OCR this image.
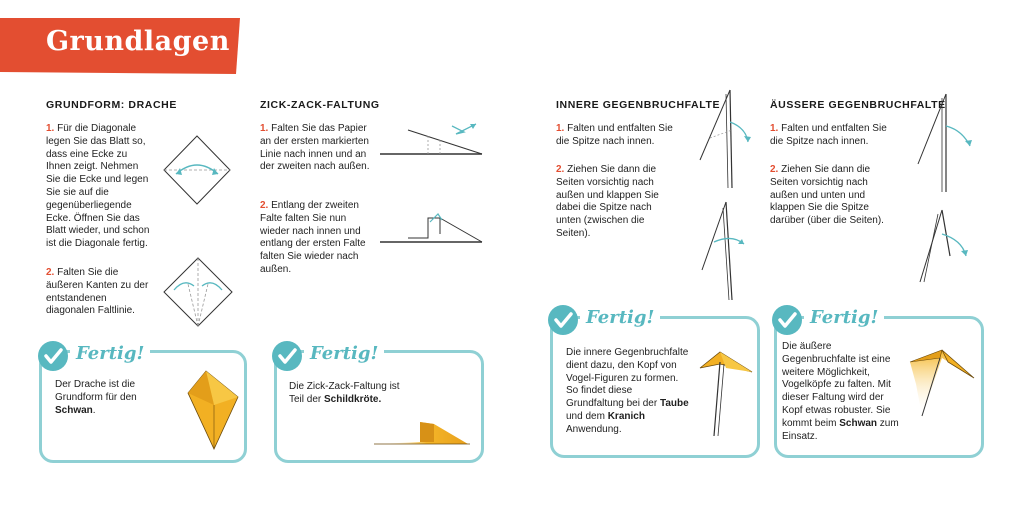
Grundlagen
GRUNDFORM: DRACHE
1. Für die Diagonale legen Sie das Blatt so, dass eine Ecke zu Ihnen zeigt. Nehmen Sie die Ecke und legen Sie sie auf die gegenüberliegende Ecke. Öffnen Sie das Blatt wieder, und schon ist die Diagonale fertig.
2. Falten Sie die äußeren Kanten zu der entstandenen diagonalen Faltlinie.
Fertig!
Der Drache ist die Grundform für den Schwan.
ZICK-ZACK-FALTUNG
1. Falten Sie das Papier an der ersten markierten Linie nach innen und an der zweiten nach außen.
2. Entlang der zweiten Falte falten Sie nun wieder nach innen und entlang der ersten Falte falten Sie wieder nach außen.
Fertig!
Die Zick-Zack-Faltung ist Teil der Schildkröte.
INNERE GEGENBRUCHFALTE
1. Falten und entfalten Sie die Spitze nach innen.
2. Ziehen Sie dann die Seiten vorsichtig nach außen und klappen Sie dabei die Spitze nach unten (zwischen die Seiten).
Fertig!
Die innere Gegenbruchfalte dient dazu, den Kopf von Vogel-Figuren zu formen. So findet diese Grundfaltung bei der Taube und dem Kranich Anwendung.
ÄUSSERE GEGENBRUCHFALTE
1. Falten und entfalten Sie die Spitze nach innen.
2. Ziehen Sie dann die Seiten vorsichtig nach außen und unten und klappen Sie die Spitze darüber (über die Seiten).
Fertig!
Die äußere Gegenbruchfalte ist eine weitere Möglichkeit, Vogelköpfe zu falten. Mit dieser Faltung wird der Kopf etwas robuster. Sie kommt beim Schwan zum Einsatz.
